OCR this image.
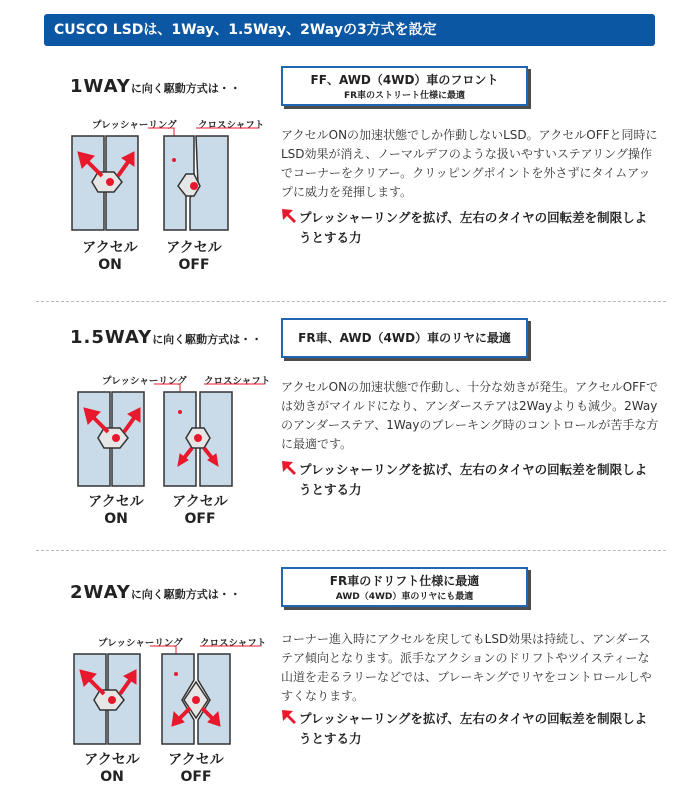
CUSCO LSDは、1Way、1.5Way、2Wayの3方式を設定
1WAYに向く駆動方式は・・
FF、AWD（4WD）車のフロント
FR車のストリート仕様に最適
プレッシャーリング クロスシャフト
アクセル
ON
アクセル
OFF
アクセルONの加速状態でしか作動しないLSD。アクセルOFFと同時にLSD効果が消え、ノーマルデフのような扱いやすいステアリング操作でコーナーをクリアー。クリッピングポイントを外さずにタイムアップに威力を発揮します。
プレッシャーリングを拡げ、左右のタイヤの回転差を制限しようとする力
1.5WAYに向く駆動方式は・・	FR車、AWD（4WD）車のリヤに最適
プレッシャーリング クロスシャフト
アクセル
ON
アクセル
OFF
アクセルONの加速状態で作動し、十分な効きが発生。アクセルOFFでは効きがマイルドになり、アンダーステアは2Wayよりも減少。2Wayのアンダーステア、1Wayのブレーキング時のコントロールが苦手な方に最適です。
プレッシャーリングを拡げ、左右のタイヤの回転差を制限しようとする力
2WAYに向く駆動方式は・・
FR車のドリフト仕様に最適
AWD（4WD）車のリヤにも最適
プレッシャーリング クロスシャフト
アクセル
ON
アクセル
OFF
コーナー進入時にアクセルを戻してもLSD効果は持続し、アンダーステア傾向となります。派手なアクションのドリフトやツイスティーな山道を走るラリーなどでは、ブレーキングでリヤをコントロールしやすくなります。
プレッシャーリングを拡げ、左右のタイヤの回転差を制限しようとする力
